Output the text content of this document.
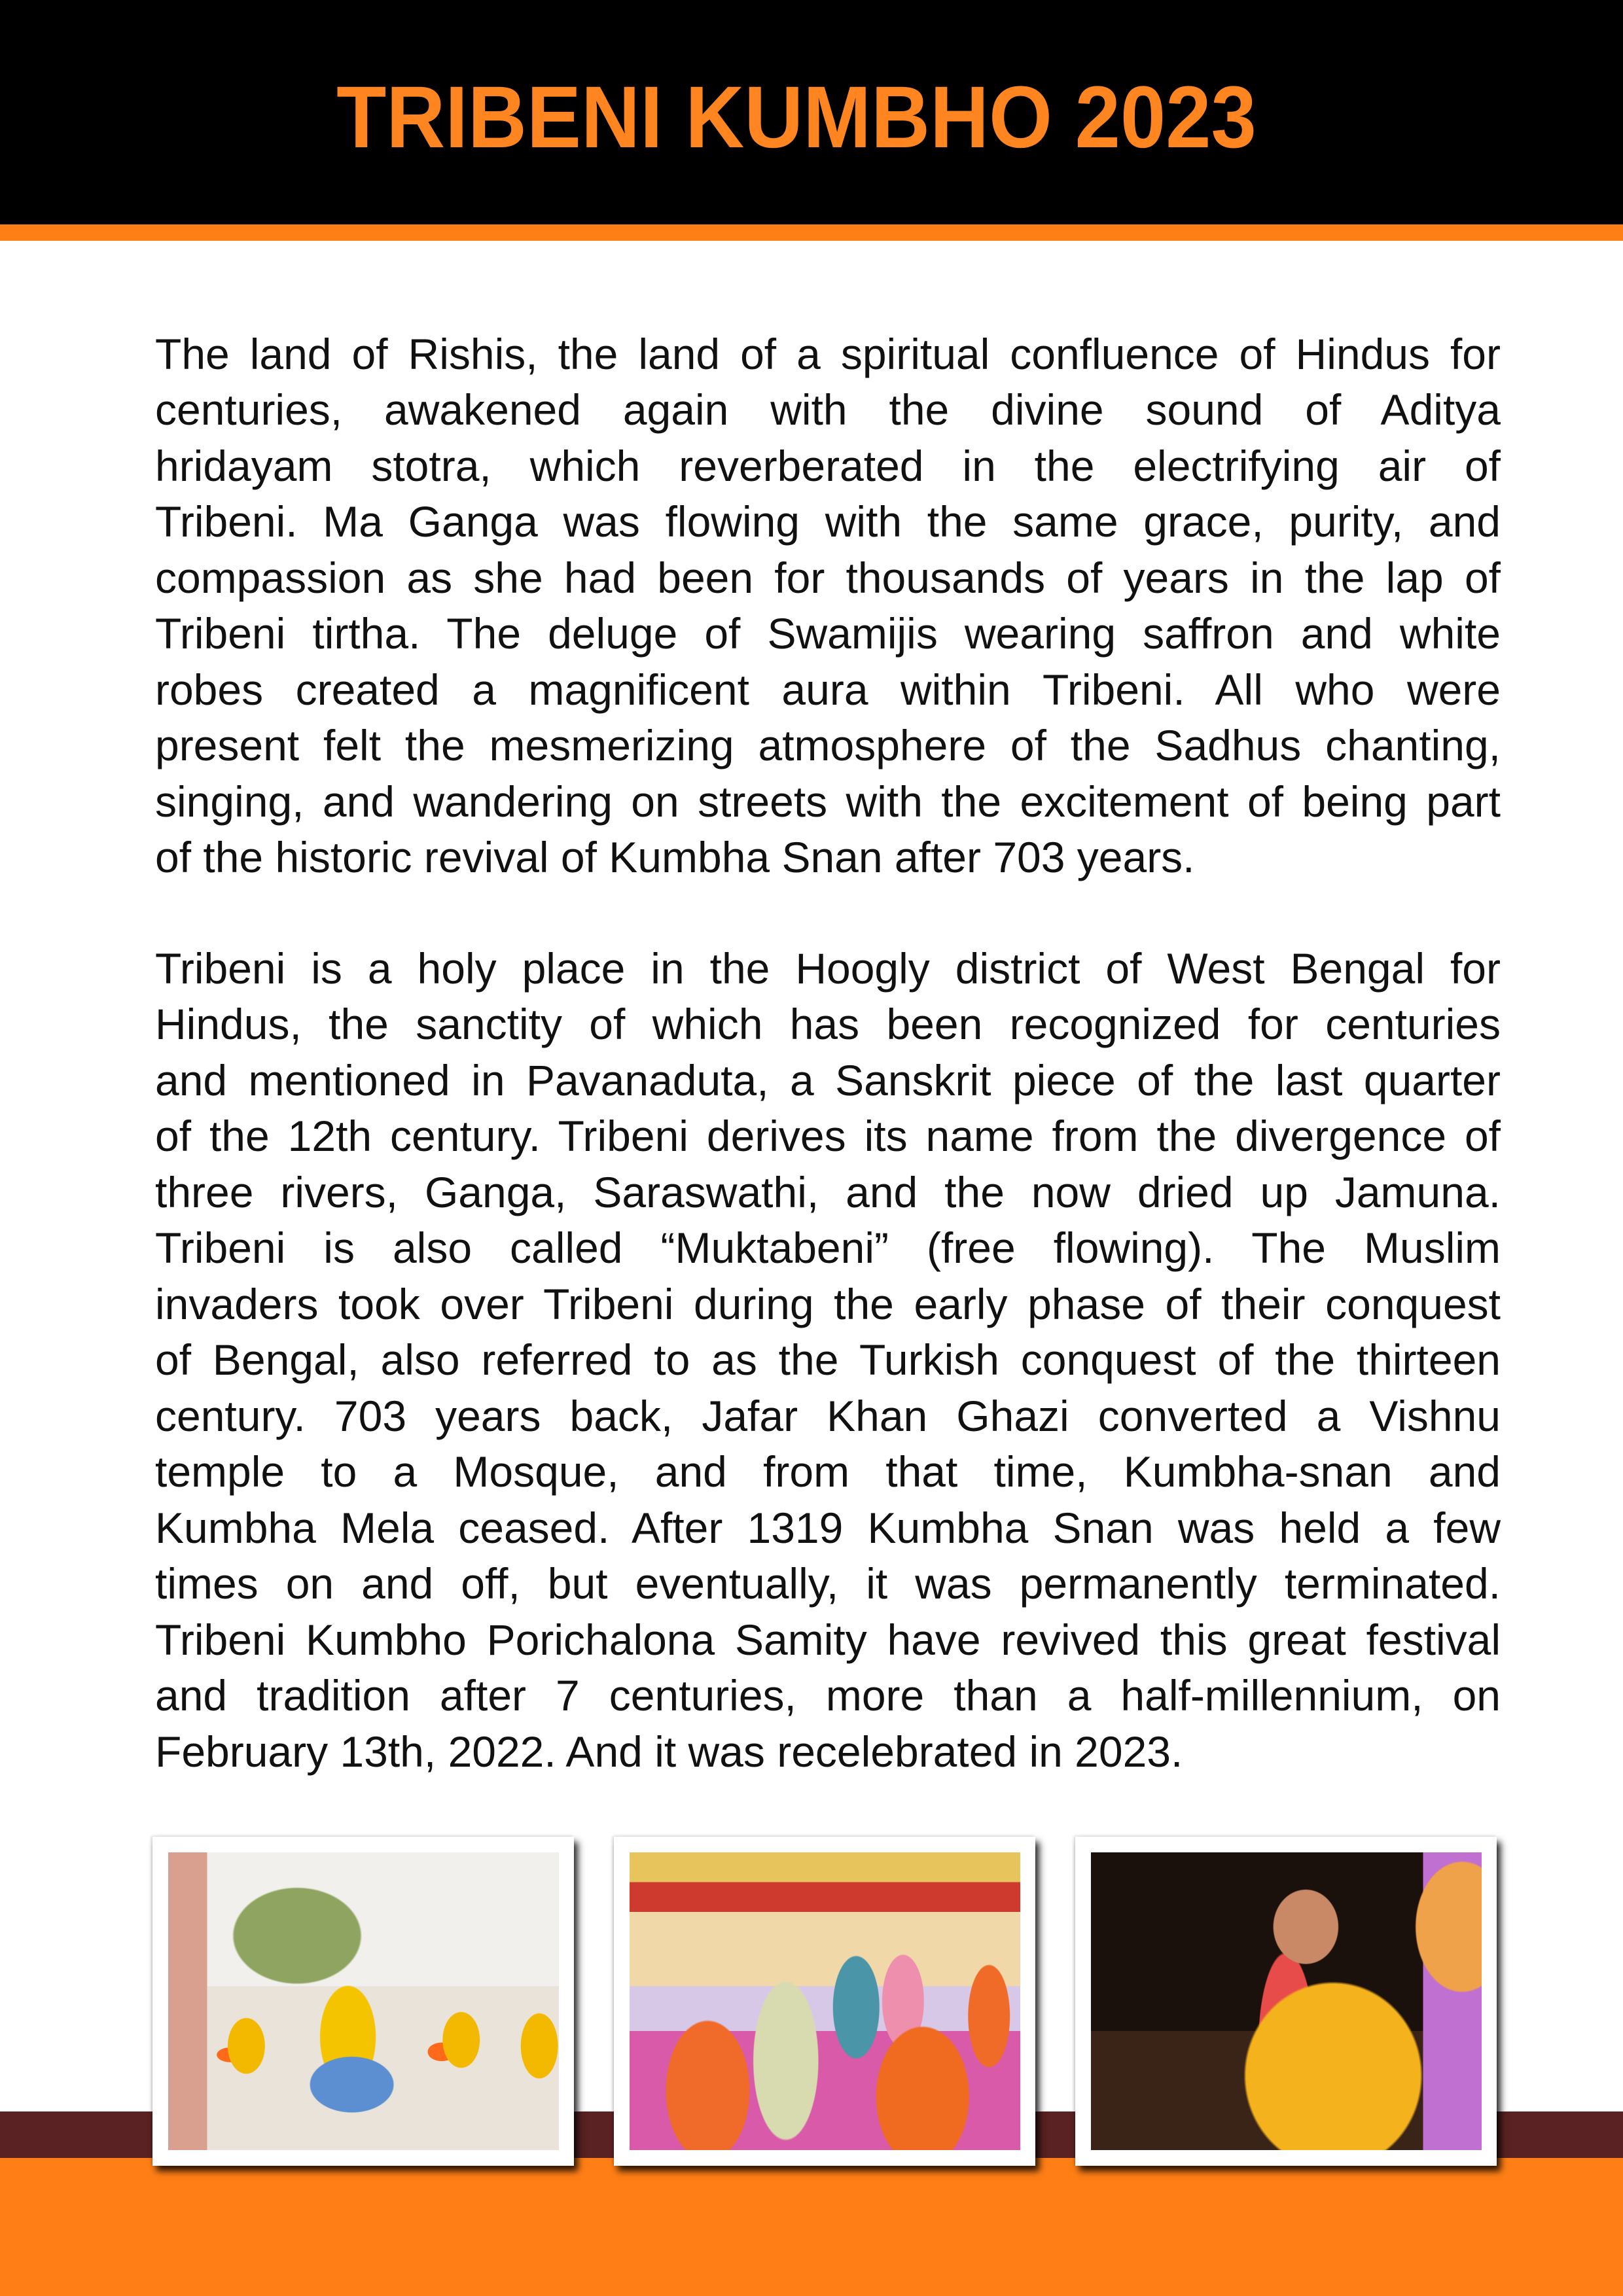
TRIBENI KUMBHO 2023
The land of Rishis, the land of a spiritual confluence of Hindus for
centuries, awakened again with the divine sound of Aditya
hridayam stotra, which reverberated in the electrifying air of
Tribeni. Ma Ganga was flowing with the same grace, purity, and
compassion as she had been for thousands of years in the lap of
Tribeni tirtha. The deluge of Swamijis wearing saffron and white
robes created a magnificent aura within Tribeni. All who were
present felt the mesmerizing atmosphere of the Sadhus chanting,
singing, and wandering on streets with the excitement of being part
of the historic revival of Kumbha Snan after 703 years.
Tribeni is a holy place in the Hoogly district of West Bengal for
Hindus, the sanctity of which has been recognized for centuries
and mentioned in Pavanaduta, a Sanskrit piece of the last quarter
of the 12th century. Tribeni derives its name from the divergence of
three rivers, Ganga, Saraswathi, and the now dried up Jamuna.
Tribeni is also called “Muktabeni” (free flowing). The Muslim
invaders took over Tribeni during the early phase of their conquest
of Bengal, also referred to as the Turkish conquest of the thirteen
century. 703 years back, Jafar Khan Ghazi converted a Vishnu
temple to a Mosque, and from that time, Kumbha-snan and
Kumbha Mela ceased. After 1319 Kumbha Snan was held a few
times on and off, but eventually, it was permanently terminated.
Tribeni Kumbho Porichalona Samity have revived this great festival
and tradition after 7 centuries, more than a half-millennium, on
February 13th, 2022. And it was recelebrated in 2023.
